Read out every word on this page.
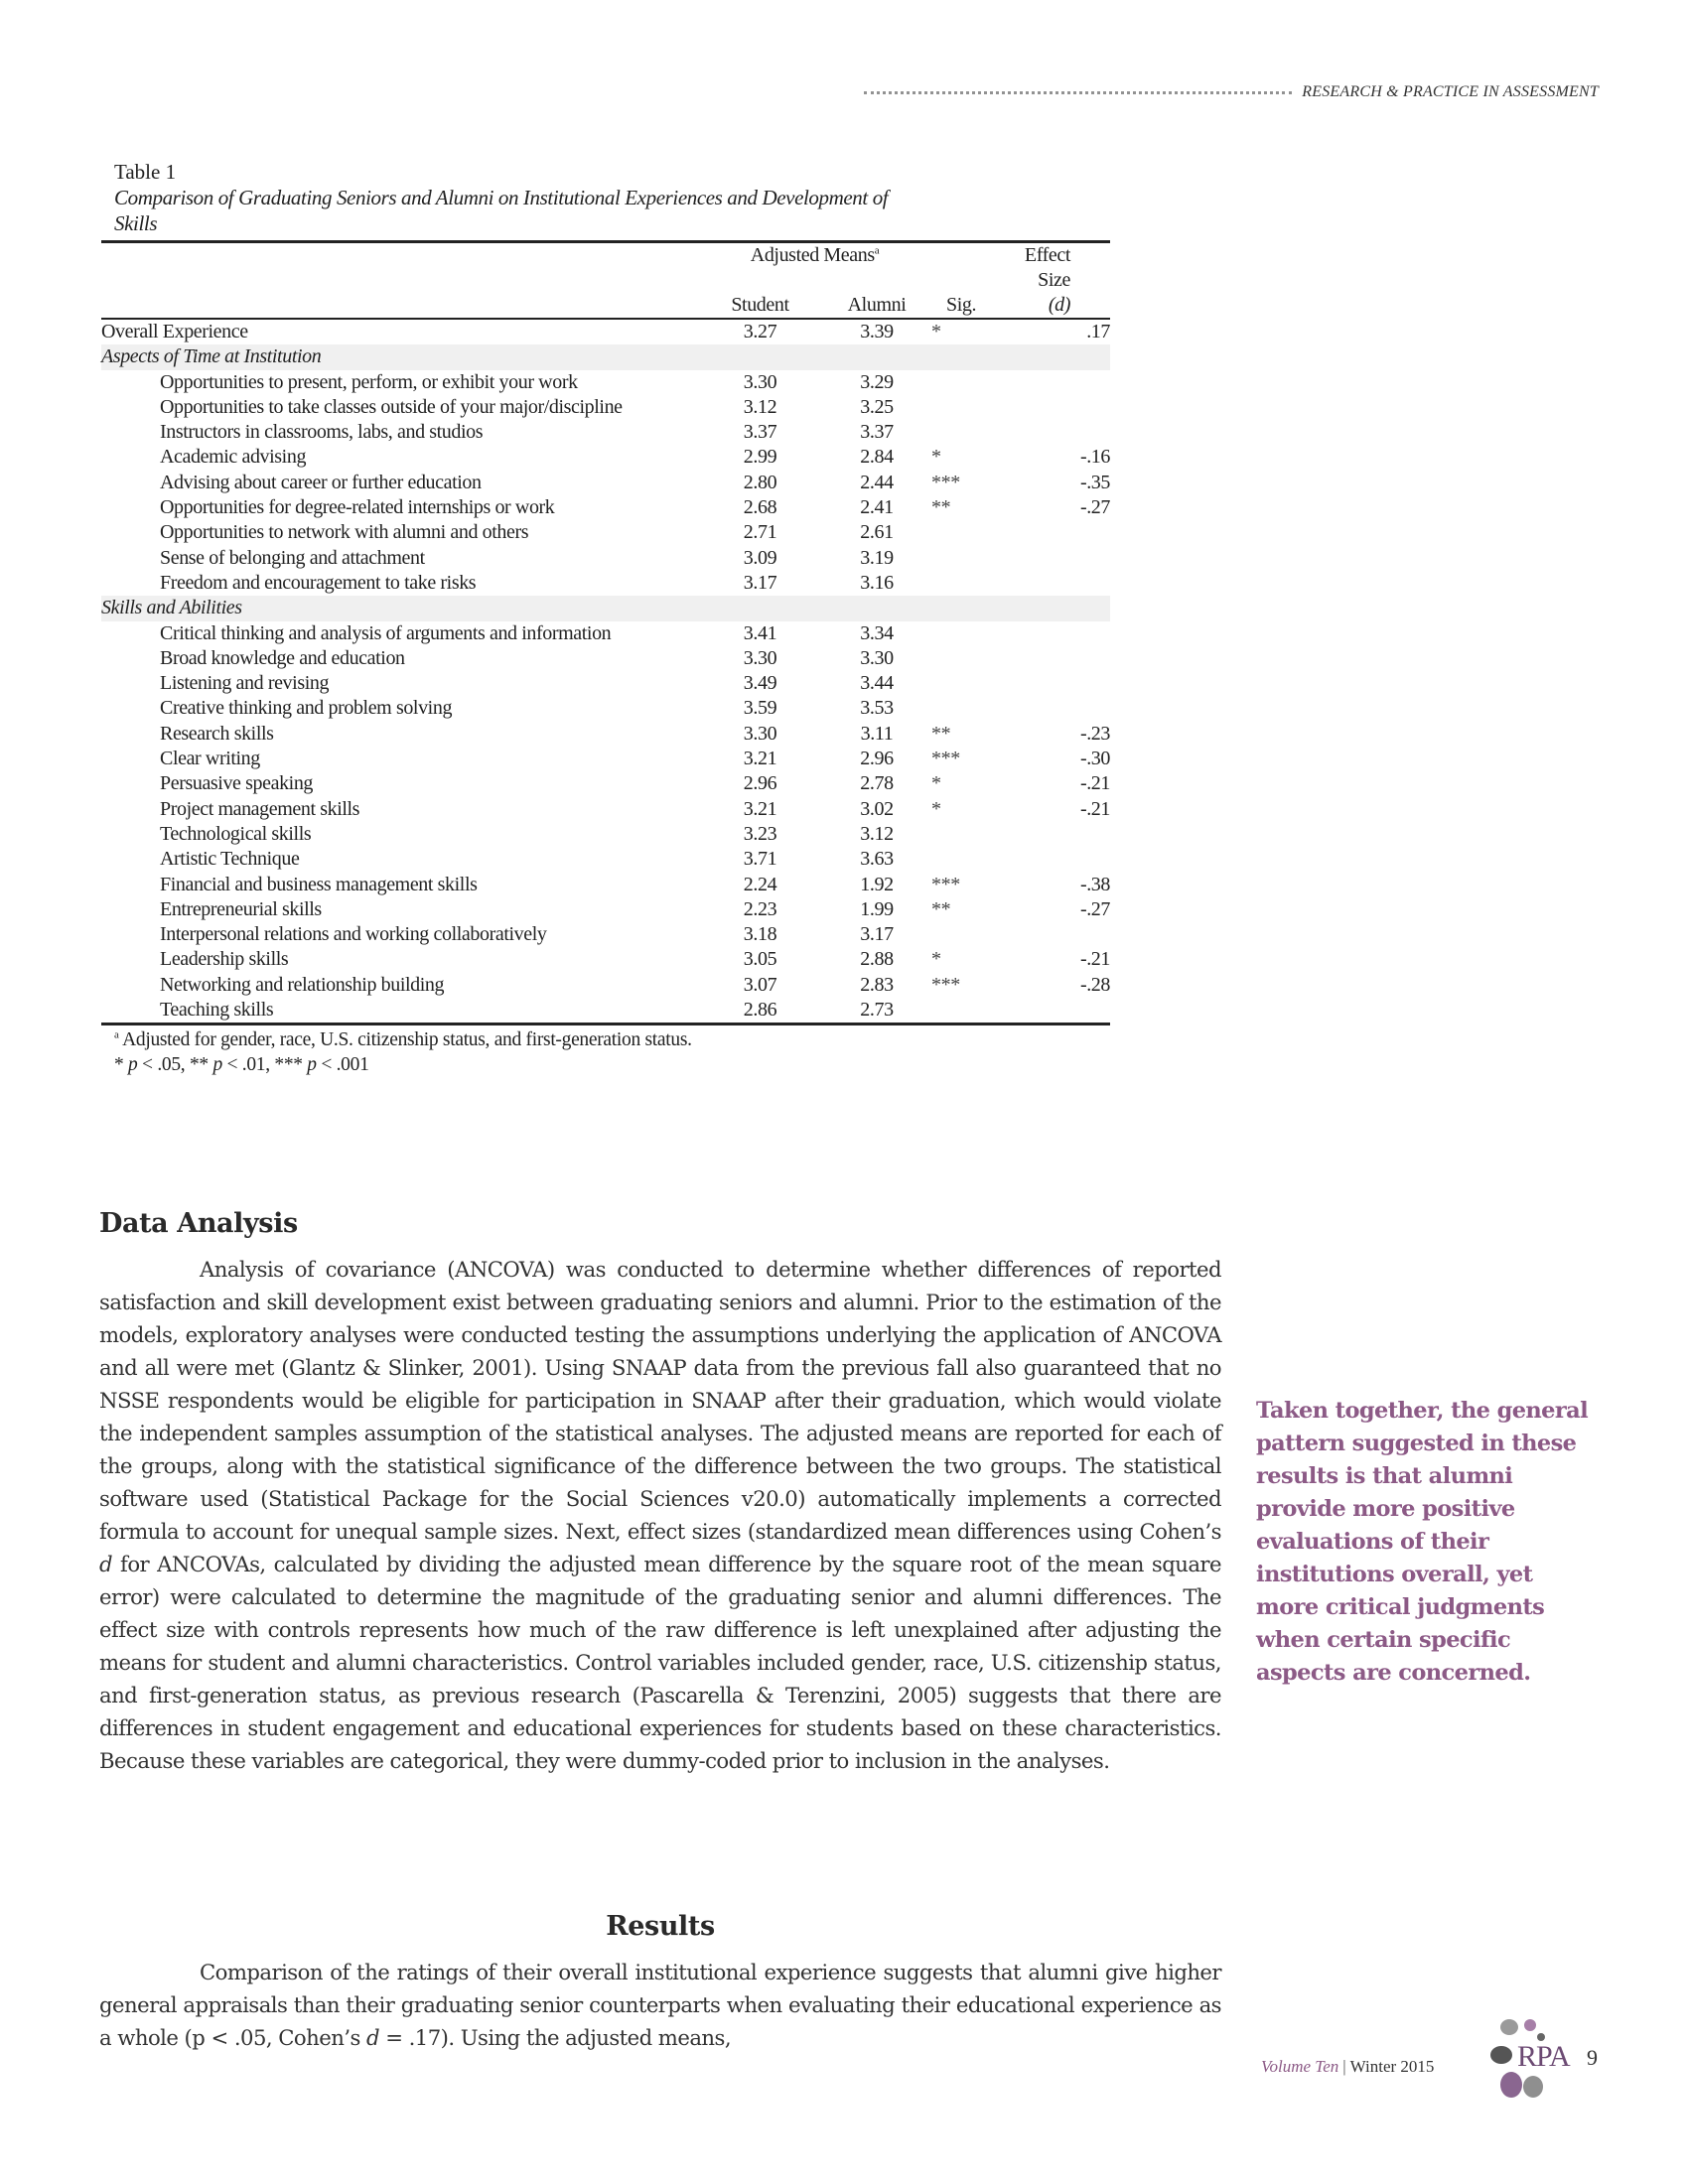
RESEARCH & PRACTICE IN ASSESSMENT
Table 1
Comparison of Graduating Seniors and Alumni on Institutional Experiences and Development of
Skills
	Adjusted Means$^a$			Effect
	Student	Alumni	Sig.	Size
(d)

Overall Experience	3.27	3.39	*	.17
Aspects of Time at Institution				
Opportunities to present, perform, or exhibit your work	3.30	3.29		
Opportunities to take classes outside of your major/discipline	3.12	3.25		
Instructors in classrooms, labs, and studios	3.37	3.37		
Academic advising	2.99	2.84	*	-.16
Advising about career or further education	2.80	2.44	***	-.35
Opportunities for degree-related internships or work	2.68	2.41	**	-.27
Opportunities to network with alumni and others	2.71	2.61		
Sense of belonging and attachment	3.09	3.19		
Freedom and encouragement to take risks	3.17	3.16		
Skills and Abilities				
Critical thinking and analysis of arguments and information	3.41	3.34		
Broad knowledge and education	3.30	3.30		
Listening and revising	3.49	3.44		
Creative thinking and problem solving	3.59	3.53		
Research skills	3.30	3.11	**	-.23
Clear writing	3.21	2.96	***	-.30
Persuasive speaking	2.96	2.78	*	-.21
Project management skills	3.21	3.02	*	-.21
Technological skills	3.23	3.12		
Artistic Technique	3.71	3.63		
Financial and business management skills	2.24	1.92	***	-.38
Entrepreneurial skills	2.23	1.99	**	-.27
Interpersonal relations and working collaboratively	3.18	3.17		
Leadership skills	3.05	2.88	*	-.21
Networking and relationship building	3.07	2.83	***	-.28
Teaching skills	2.86	2.73		
$^a$ Adjusted for gender, race, U.S. citizenship status, and first-generation status.
* p < .05, ** p < .01, *** p < .001
Data Analysis

Analysis of covariance (ANCOVA) was conducted to determine whether differences of reported satisfaction and skill development exist between graduating seniors and alumni. Prior to the estimation of the models, exploratory analyses were conducted testing the assumptions underlying the application of ANCOVA and all were met (Glantz & Slinker, 2001). Using SNAAP data from the previous fall also guaranteed that no NSSE respondents would be eligible for participation in SNAAP after their graduation, which would violate the independent samples assumption of the statistical analyses. The adjusted means are reported for each of the groups, along with the statistical significance of the difference between the two groups. The statistical software used (Statistical Package for the Social Sciences v20.0) automatically implements a corrected formula to account for unequal sample sizes. Next, effect sizes (standardized mean differences using Cohen’s d for ANCOVAs, calculated by dividing the adjusted mean difference by the square root of the mean square error) were calculated to determine the magnitude of the graduating senior and alumni differences. The effect size with controls represents how much of the raw difference is left unexplained after adjusting the means for student and alumni characteristics. Control variables included gender, race, U.S. citizenship status, and first-generation status, as previous research (Pascarella & Terenzini, 2005) suggests that there are differences in student engagement and educational experiences for students based on these characteristics. Because these variables are categorical, they were dummy-coded prior to inclusion in the analyses.

Results

Comparison of the ratings of their overall institutional experience suggests that alumni give higher general appraisals than their graduating senior counterparts when evaluating their educational experience as a whole (p < .05, Cohen’s d = .17). Using the adjusted means,

Taken together, the general pattern suggested in these results is that alumni provide more positive evaluations of their institutions overall, yet more critical judgments when certain specific aspects are concerned.
Volume Ten | Winter 2015	RPA 9
